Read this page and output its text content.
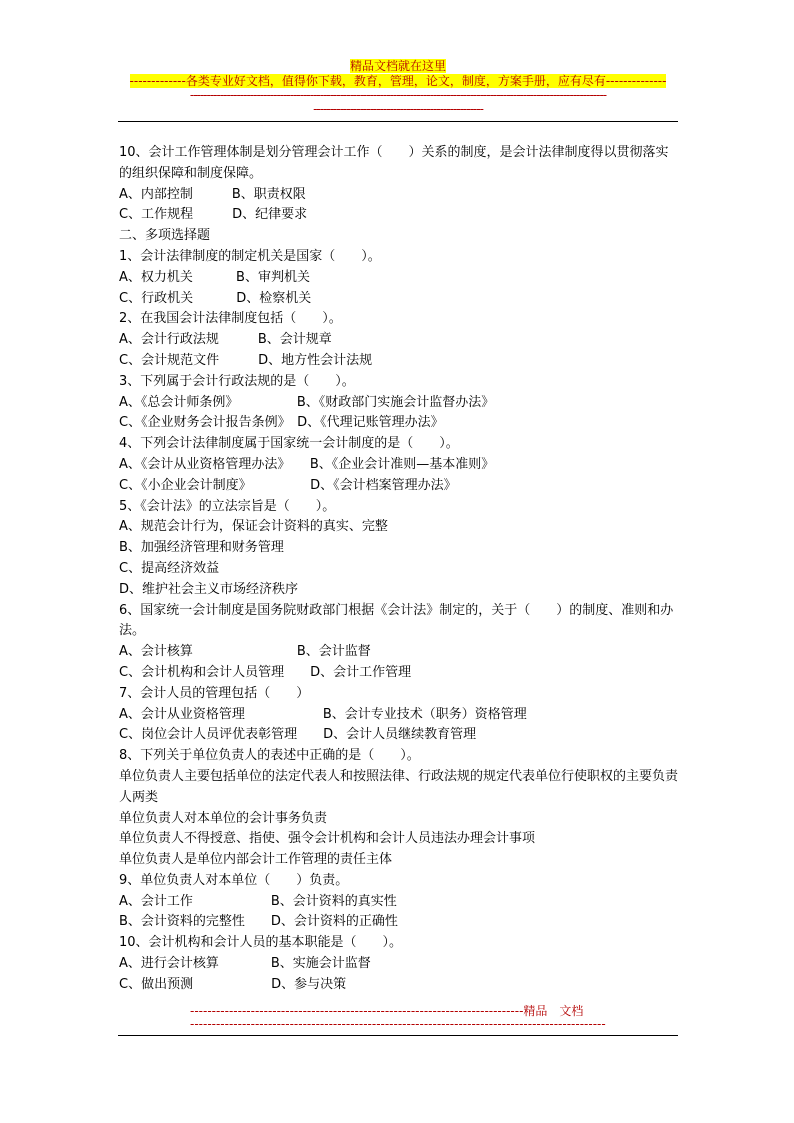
精品文档就在这里
-------------各类专业好文档，值得你下载，教育，管理，论文，制度，方案手册，应有尽有--------------
-----------------------------------------------------------------------------------------------------------------------------
---------------------------------------------------

10、会计工作管理体制是划分管理会计工作（　　）关系的制度，是会计法律制度得以贯彻落实的组织保障和制度保障。

A、内部控制　　　B、职责权限

C、工作规程　　　D、纪律要求

二、多项选择题

1、会计法律制度的制定机关是国家（　　）。

A、权力机关　　　 B、审判机关

C、行政机关　　　 D、检察机关

2、在我国会计法律制度包括（　　）。

A、会计行政法规　　　B、会计规章

C、会计规范文件　　　D、地方性会计法规

3、下列属于会计行政法规的是（　　）。

A、《总会计师条例》　　　　　B、《财政部门实施会计监督办法》

C、《企业财务会计报告条例》　D、《代理记账管理办法》

4、下列会计法律制度属于国家统一会计制度的是（　　）。

A、《会计从业资格管理办法》　　B、《企业会计准则—基本准则》

C、《小企业会计制度》　　　　　D、《会计档案管理办法》

5、《会计法》的立法宗旨是（　　）。

A、规范会计行为，保证会计资料的真实、完整

B、加强经济管理和财务管理

C、提高经济效益

D、维护社会主义市场经济秩序

6、国家统一会计制度是国务院财政部门根据《会计法》制定的，关于（　　）的制度、准则和办法。

A、会计核算　　　　　　　　B、会计监督

C、会计机构和会计人员管理　　D、会计工作管理

7、会计人员的管理包括（　　）

A、会计从业资格管理　　　　　　B、会计专业技术（职务）资格管理

C、岗位会计人员评优表彰管理　　D、会计人员继续教育管理

8、下列关于单位负责人的表述中正确的是（　　）。

单位负责人主要包括单位的法定代表人和按照法律、行政法规的规定代表单位行使职权的主要负责人两类

单位负责人对本单位的会计事务负责

单位负责人不得授意、指使、强令会计机构和会计人员违法办理会计事项

单位负责人是单位内部会计工作管理的责任主体

9、单位负责人对本单位（　　）负责。

A、会计工作　　　　　　B、会计资料的真实性

B、会计资料的完整性　　D、会计资料的正确性

10、会计机构和会计人员的基本职能是（　　）。

A、进行会计核算　　　　B、实施会计监督

C、做出预测　　　　　　D、参与决策

-----------------------------------------------------------------------------精品　文档
------------------------------------------------------------------------------------------------
